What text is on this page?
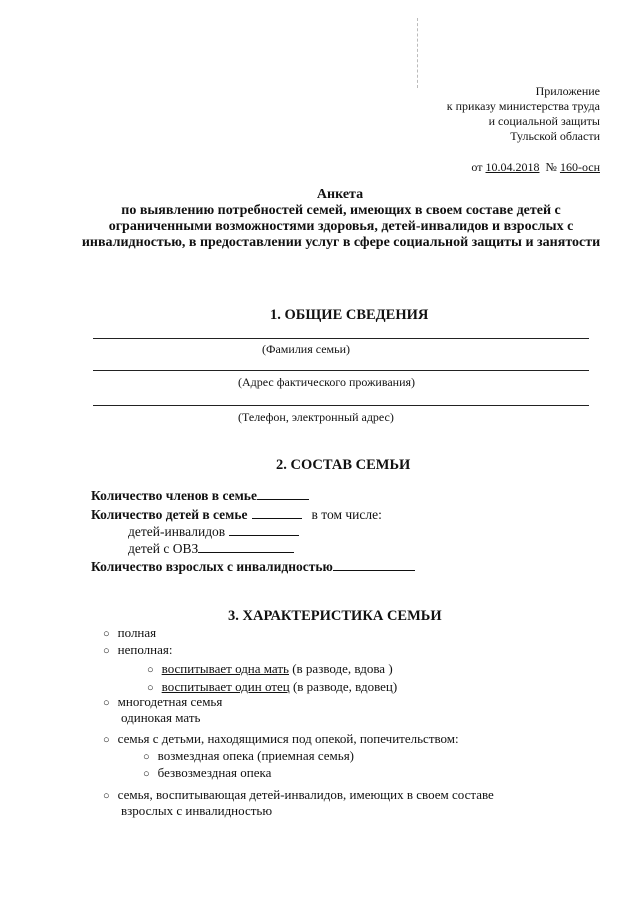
Приложение
к приказу министерства труда
и социальной защиты
Тульской области
от 10.04.2018 № 160-осн
Анкета
по выявлению потребностей семей, имеющих в своем составе детей с ограниченными возможностями здоровья, детей-инвалидов и взрослых с инвалидностью, в предоставлении услуг в сфере социальной защиты и занятости
1. ОБЩИЕ СВЕДЕНИЯ
(Фамилия семьи)
(Адрес фактического проживания)
(Телефон, электронный адрес)
2. СОСТАВ СЕМЬИ
Количество членов в семье
Количество детей в семье	в том числе:
детей-инвалидов
детей с ОВЗ
Количество взрослых с инвалидностью
3. ХАРАКТЕРИСТИКА СЕМЬИ
○ полная
○ неполная:
○ воспитывает одна мать (в разводе, вдова )
○ воспитывает один отец (в разводе, вдовец)
○ многодетная семья
одинокая мать
○ семья с детьми, находящимися под опекой, попечительством:
○ возмездная опека (приемная семья)
○ безвозмездная опека
○ семья, воспитывающая детей-инвалидов, имеющих в своем составе
взрослых с инвалидностью
